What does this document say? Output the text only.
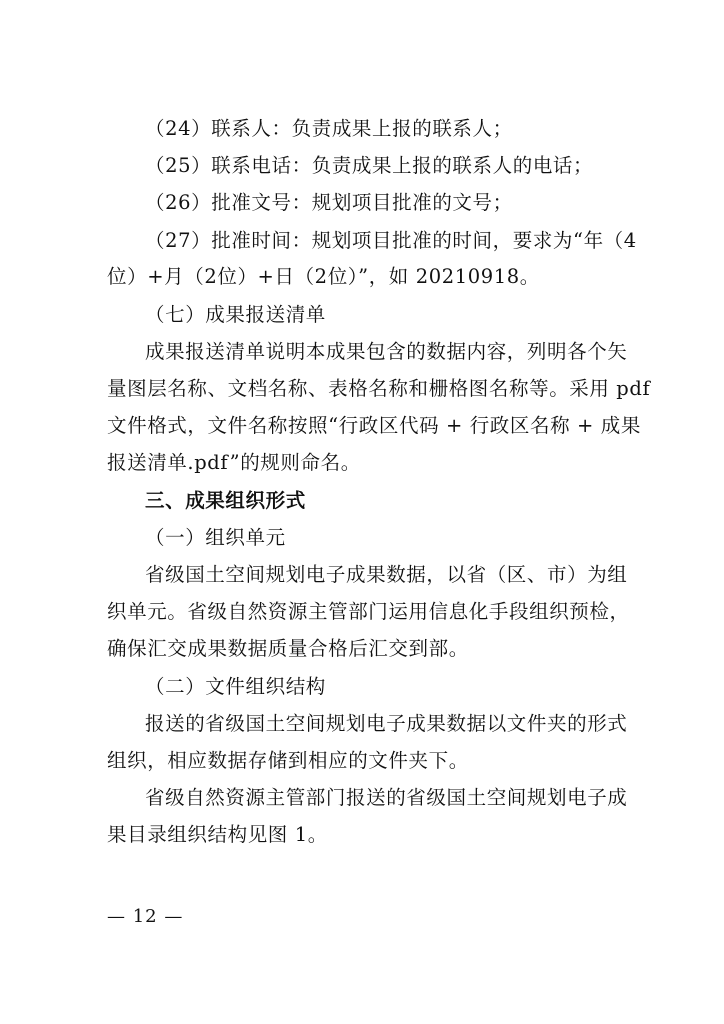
（24）联系人：负责成果上报的联系人；
（25）联系电话：负责成果上报的联系人的电话；
（26）批准文号：规划项目批准的文号；
（27）批准时间：规划项目批准的时间，要求为“年（4
位）+月（2位）+日（2位）”，如 20210918。
（七）成果报送清单
成果报送清单说明本成果包含的数据内容，列明各个矢
量图层名称、文档名称、表格名称和栅格图名称等。采用 pdf
文件格式，文件名称按照“行政区代码 + 行政区名称 + 成果
报送清单.pdf”的规则命名。
三、成果组织形式
（一）组织单元
省级国土空间规划电子成果数据，以省（区、市）为组
织单元。省级自然资源主管部门运用信息化手段组织预检，
确保汇交成果数据质量合格后汇交到部。
（二）文件组织结构
报送的省级国土空间规划电子成果数据以文件夹的形式
组织，相应数据存储到相应的文件夹下。
省级自然资源主管部门报送的省级国土空间规划电子成
果目录组织结构见图 1。
— 12 —
